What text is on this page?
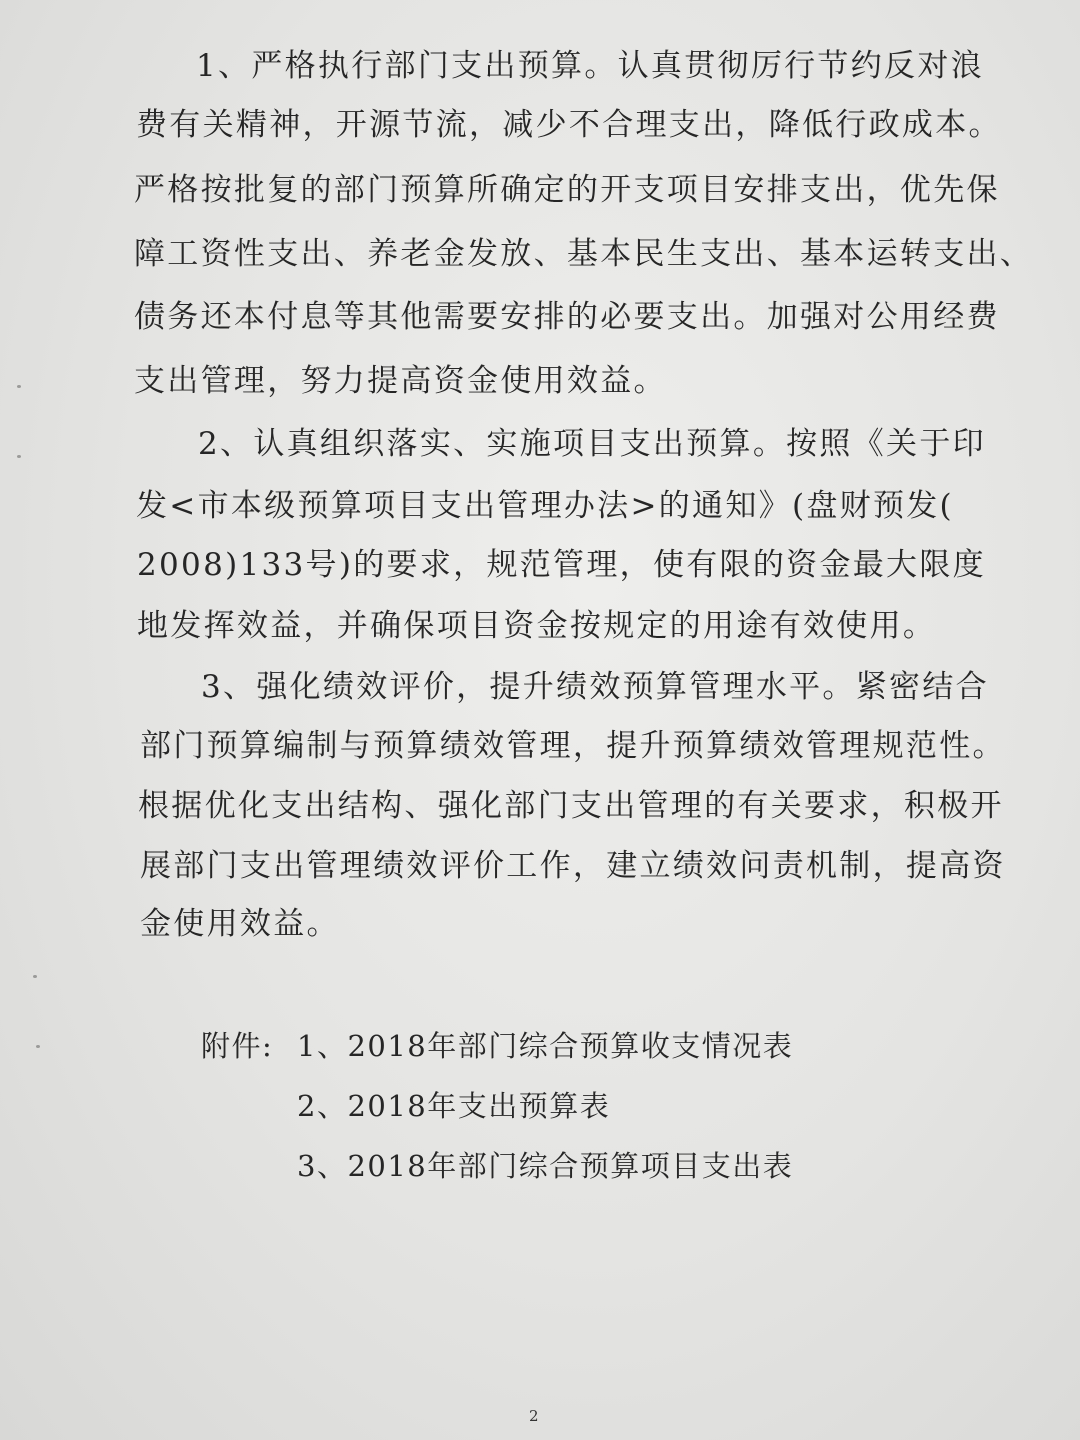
1、严格执行部门支出预算。认真贯彻厉行节约反对浪
费有关精神，开源节流，减少不合理支出，降低行政成本。
严格按批复的部门预算所确定的开支项目安排支出，优先保
障工资性支出、养老金发放、基本民生支出、基本运转支出、
债务还本付息等其他需要安排的必要支出。加强对公用经费
支出管理，努力提高资金使用效益。
2、认真组织落实、实施项目支出预算。按照《关于印
发<市本级预算项目支出管理办法>的通知》(盘财预发(
2008)133号)的要求，规范管理，使有限的资金最大限度
地发挥效益，并确保项目资金按规定的用途有效使用。
3、强化绩效评价，提升绩效预算管理水平。紧密结合
部门预算编制与预算绩效管理，提升预算绩效管理规范性。
根据优化支出结构、强化部门支出管理的有关要求，积极开
展部门支出管理绩效评价工作，建立绩效问责机制，提高资
金使用效益。
附件: 1、2018年部门综合预算收支情况表
2、2018年支出预算表
3、2018年部门综合预算项目支出表
2
